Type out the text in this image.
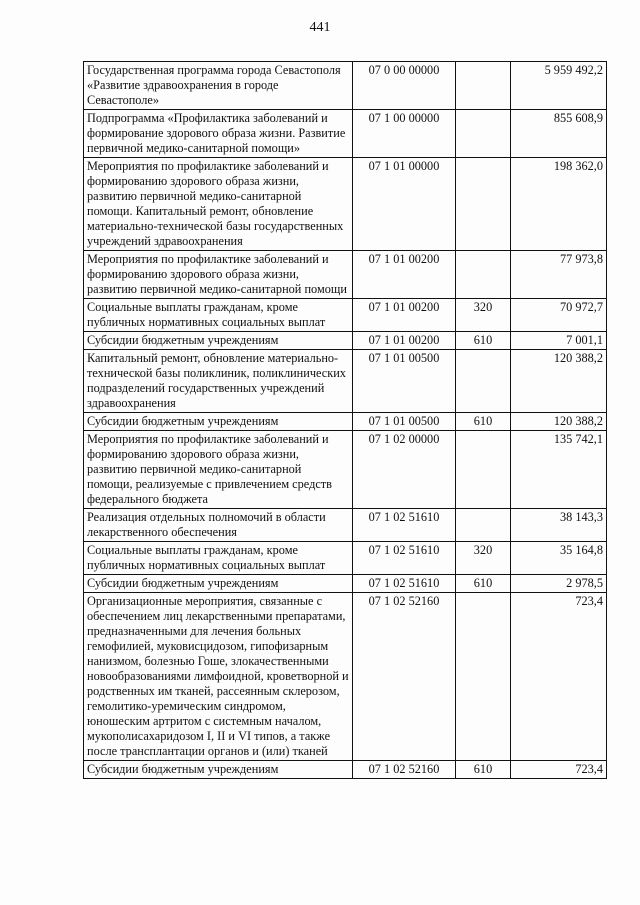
441
Государственная программа города Севастополя «Развитие здравоохранения в городе Севастополе»	07 0 00 00000		5 959 492,2
Подпрограмма «Профилактика заболеваний и формирование здорового образа жизни. Развитие первичной медико-санитарной помощи»	07 1 00 00000		855 608,9
Мероприятия по профилактике заболеваний и формированию здорового образа жизни, развитию первичной медико-санитарной помощи. Капитальный ремонт, обновление материально-технической базы государственных учреждений здравоохранения	07 1 01 00000		198 362,0
Мероприятия по профилактике заболеваний и формированию здорового образа жизни, развитию первичной медико-санитарной помощи	07 1 01 00200		77 973,8
Социальные выплаты гражданам, кроме публичных нормативных социальных выплат	07 1 01 00200	320	70 972,7
Субсидии бюджетным учреждениям	07 1 01 00200	610	7 001,1
Капитальный ремонт, обновление материально-технической базы поликлиник, поликлинических подразделений государственных учреждений здравоохранения	07 1 01 00500		120 388,2
Субсидии бюджетным учреждениям	07 1 01 00500	610	120 388,2
Мероприятия по профилактике заболеваний и формированию здорового образа жизни, развитию первичной медико-санитарной помощи, реализуемые с привлечением средств федерального бюджета	07 1 02 00000		135 742,1
Реализация отдельных полномочий в области лекарственного обеспечения	07 1 02 51610		38 143,3
Социальные выплаты гражданам, кроме публичных нормативных социальных выплат	07 1 02 51610	320	35 164,8
Субсидии бюджетным учреждениям	07 1 02 51610	610	2 978,5
Организационные мероприятия, связанные с обеспечением лиц лекарственными препаратами, предназначенными для лечения больных гемофилией, муковисцидозом, гипофизарным нанизмом, болезнью Гоше, злокачественными новообразованиями лимфоидной, кроветворной и родственных им тканей, рассеянным склерозом, гемолитико-уремическим синдромом, юношеским артритом с системным началом, мукополисахаридозом I, II и VI типов, а также после трансплантации органов и (или) тканей	07 1 02 52160		723,4
Субсидии бюджетным учреждениям	07 1 02 52160	610	723,4
